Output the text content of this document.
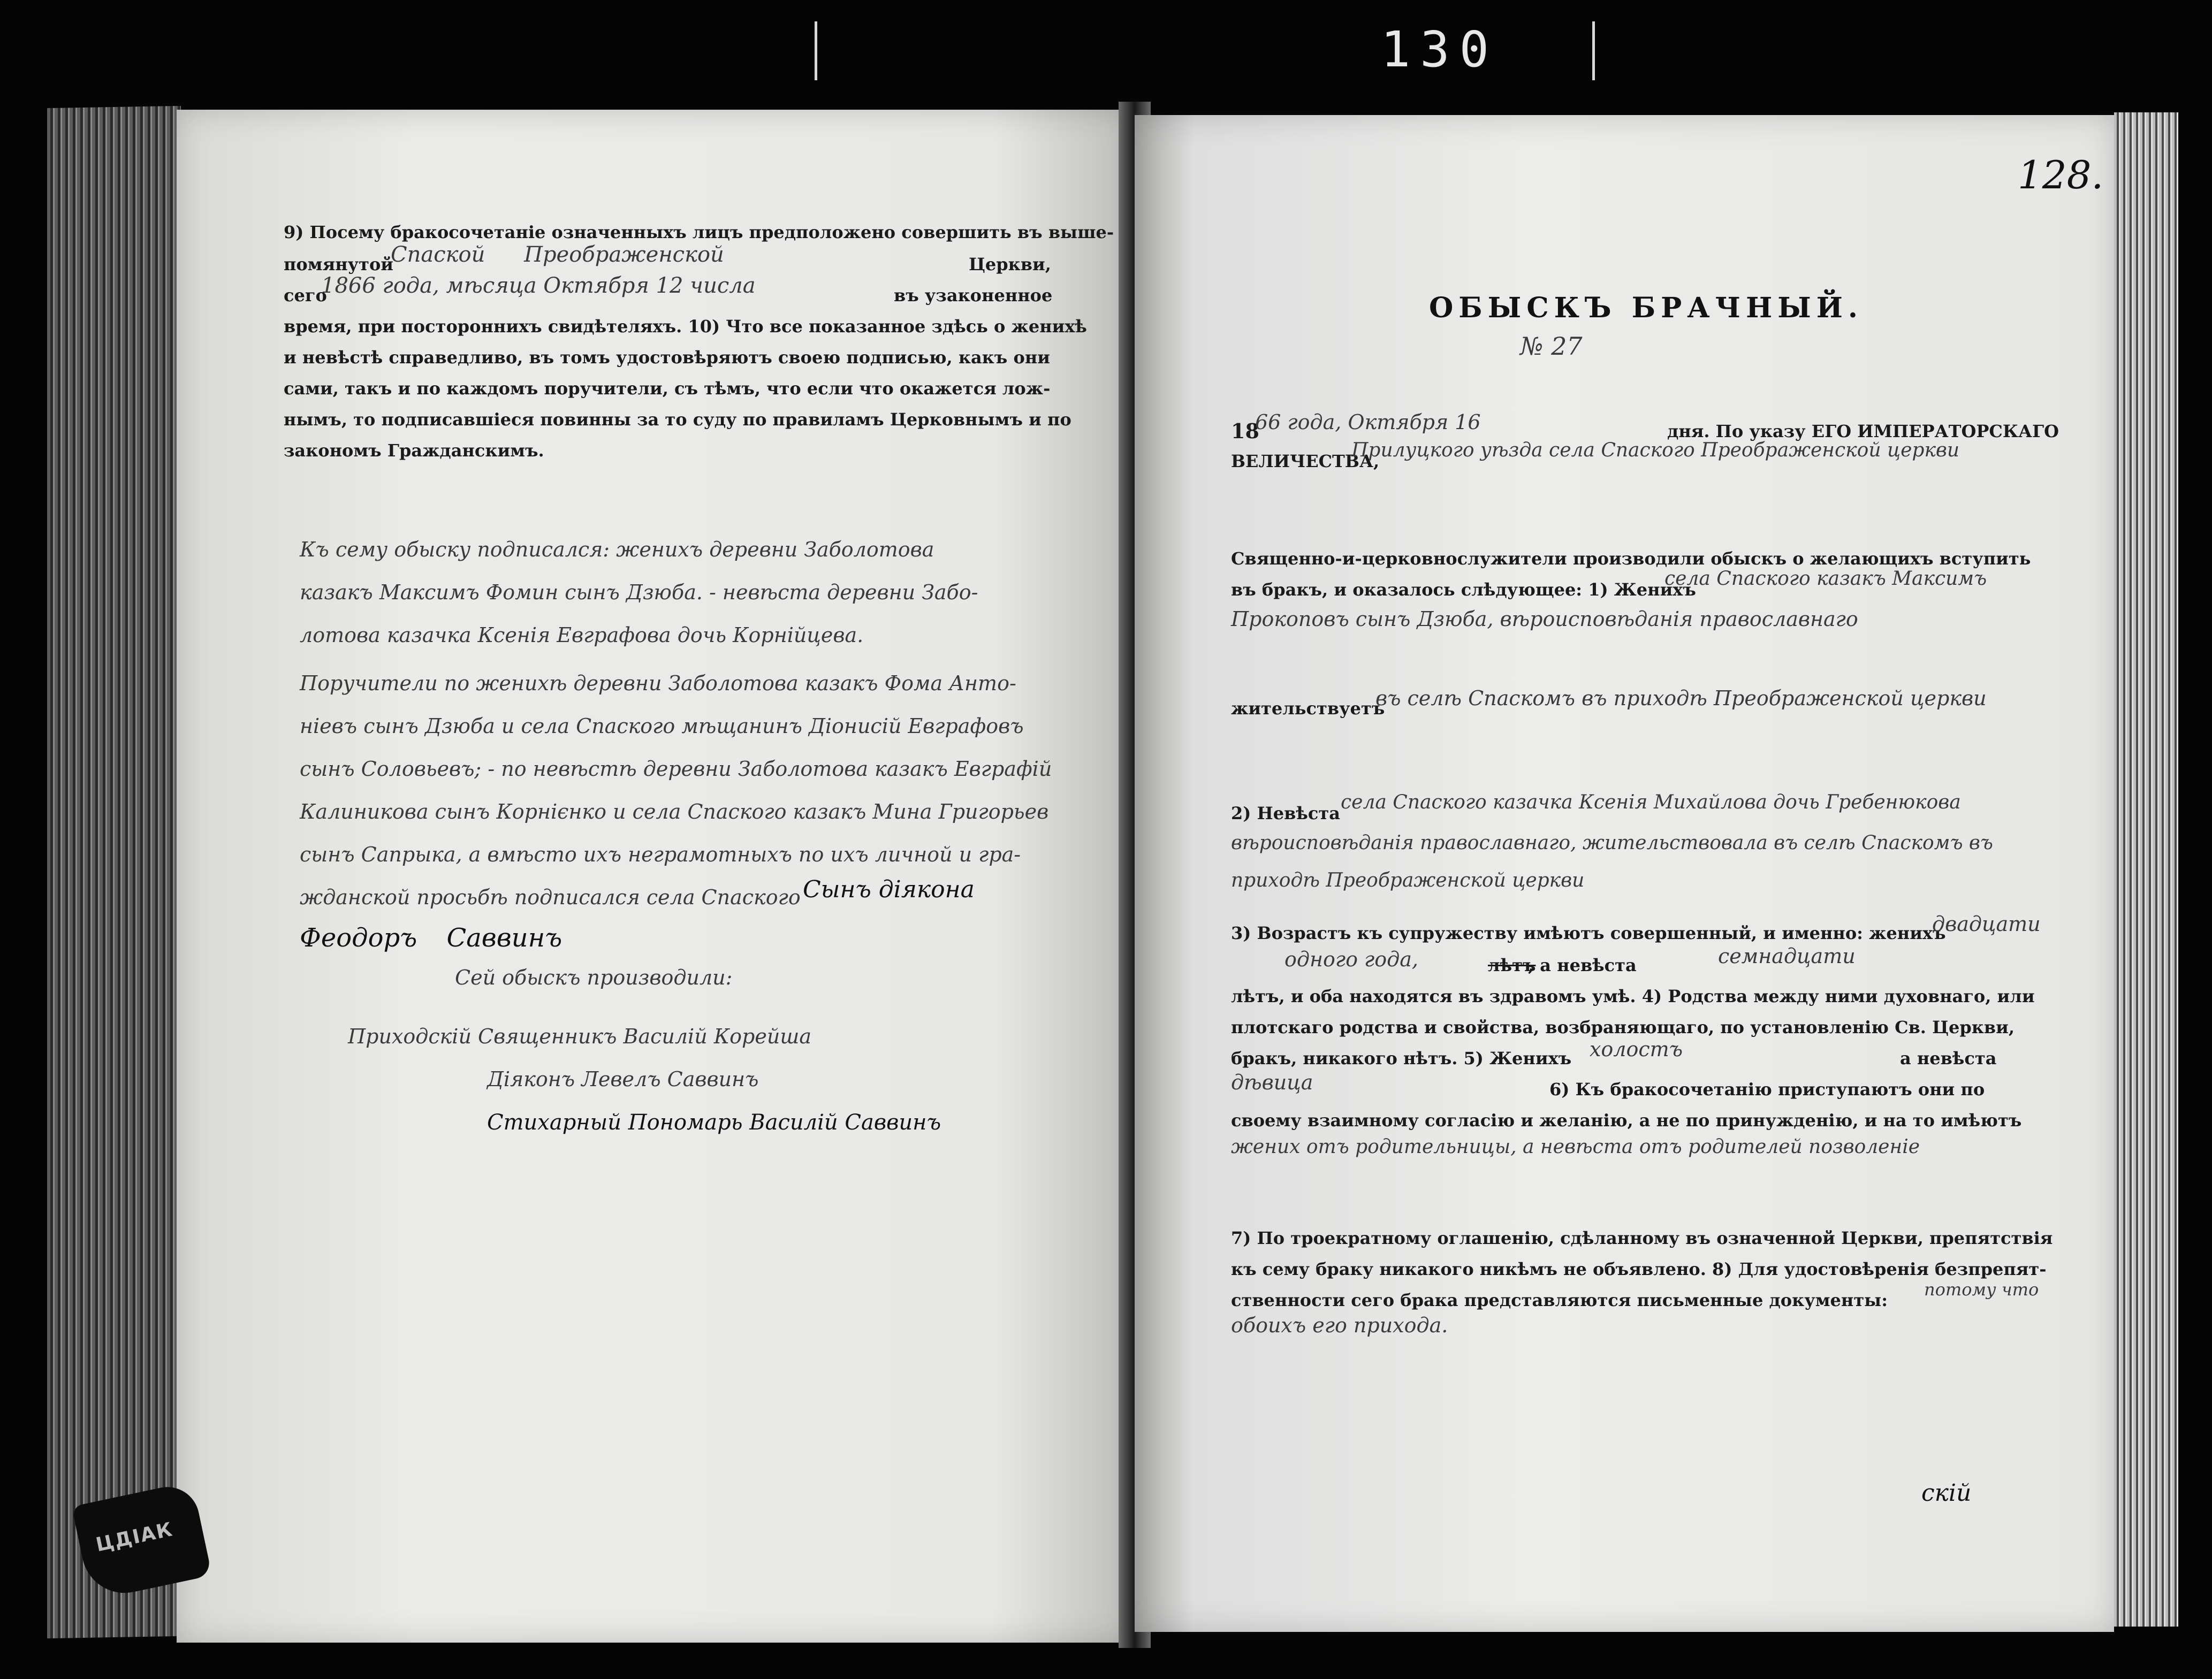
130
9) Посему бракосочетаніе означенныхъ лицъ предположено совершить въ выше-
помянутой
Спаской Преображенской	Церкви,
сего
1866 года, мѣсяца Октября 12 числа	въ узаконенное
время, при постороннихъ свидѣтеляхъ. 10) Что все показанное здѣсь о женихѣ
и невѣстѣ справедливо, въ томъ удостовѣряютъ своею подписью, какъ они
сами, такъ и по каждомъ поручители, съ тѣмъ, что если что окажется лож-
нымъ, то подписавшіеся повинны за то суду по правиламъ Церковнымъ и по
закономъ Гражданскимъ.
Къ сему обыску подписался: женихъ деревни Заболотова
казакъ Максимъ Фомин сынъ Дзюба. - невѣста деревни Забо-
лотова казачка Ксенія Евграфова дочь Корнійцева.
Поручители по женихѣ деревни Заболотова казакъ Фома Анто-
ніевъ сынъ Дзюба и села Спаского мѣщанинъ Діонисій Евграфовъ
сынъ Соловьевъ; - по невѣстѣ деревни Заболотова казакъ Евграфій
Калиникова сынъ Корнієнко и села Спаского казакъ Мина Григорьев
сынъ Сапрыка, а вмѣсто ихъ неграмотныхъ по ихъ личной и гра-
жданской просьбѣ подписался села Спаского Сынъ діякона
Феодоръ Саввинъ
Сей обыскъ производили:
Приходскій Священникъ Василій Корейша
Діяконъ Левелъ Саввинъ
Стихарный Пономарь Василій Саввинъ
ЦДІАК
128.
ОБЫСКЪ БРАЧНЫЙ.
№ 27
18
66 года, Октября 16	дня. По указу ЕГО ИМПЕРАТОРСКАГО
ВЕЛИЧЕСТВА,
Прилуцкого уѣзда села Спаского Преображенской церкви
Священно-и-церковнослужители производили обыскъ о желающихъ вступить
въ бракъ, и оказалось слѣдующее: 1) Женихъ
села Спаского казакъ Максимъ
Прокоповъ сынъ Дзюба, вѣроисповѣданія православнаго
жительствуетъ
въ селѣ Спаскомъ въ приходѣ Преображенской церкви
2) Невѣста села Спаского казачка Ксенія Михайлова дочь Гребенюкова
вѣроисповѣданія православнаго, жительствовала въ селѣ Спаскомъ въ
приходѣ Преображенской церкви
3) Возрастъ къ супружеству имѣютъ совершенный, и именно: женихъ
двадцати
одного года,	лѣтъ
, а невѣста	семнадцати
лѣтъ, и оба находятся въ здравомъ умѣ. 4) Родства между ними духовнаго, или
плотскаго родства и свойства, возбраняющаго, по установленію Св. Церкви,
бракъ, никакого нѣтъ. 5) Женихъ холостъ	а невѣста
дѣвица	6) Къ бракосочетанію приступаютъ они по
своему взаимному согласію и желанію, а не по принужденію, и на то имѣютъ
жених отъ родительницы, а невѣста отъ родителей позволеніе
7) По троекратному оглашенію, сдѣланному въ означенной Церкви, препятствія
къ сему браку никакого никѣмъ не объявлено. 8) Для удостовѣренія безпрепят-
ственности сего брака представляются письменные документы:
потому что
обоихъ его прихода.
скій
